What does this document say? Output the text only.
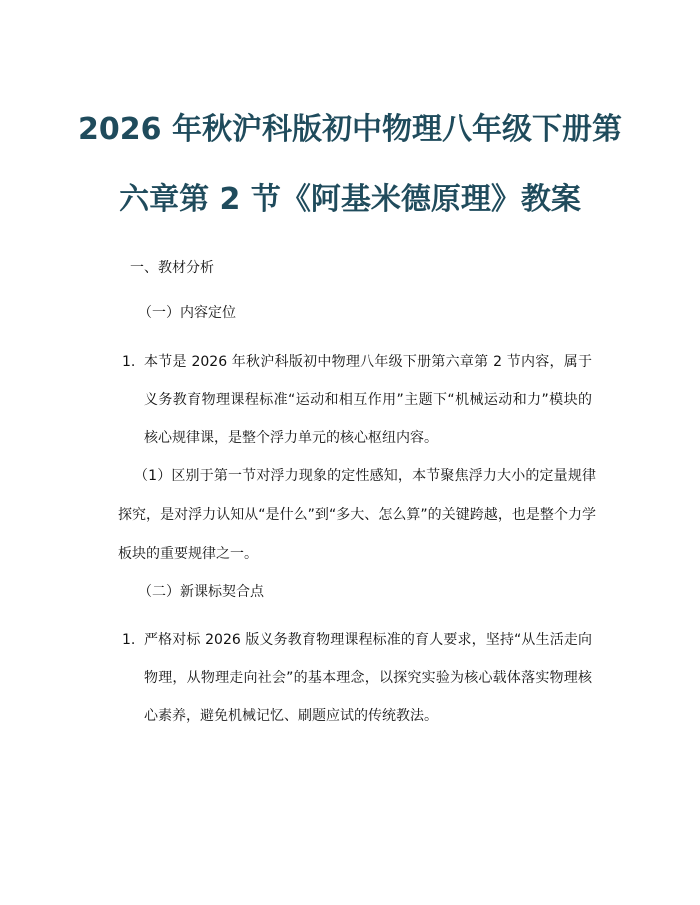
2026 年秋沪科版初中物理八年级下册第
六章第 2 节《阿基米德原理》教案
一、教材分析
（一）内容定位
1. 本节是 2026 年秋沪科版初中物理八年级下册第六章第 2 节内容，属于义务教育物理课程标准“运动和相互作用”主题下“机械运动和力”模块的核心规律课，是整个浮力单元的核心枢纽内容。
（1）区别于第一节对浮力现象的定性感知，本节聚焦浮力大小的定量规律探究，是对浮力认知从“是什么”到“多大、怎么算”的关键跨越，也是整个力学板块的重要规律之一。
（二）新课标契合点
1. 严格对标 2026 版义务教育物理课程标准的育人要求，坚持“从生活走向物理，从物理走向社会”的基本理念，以探究实验为核心载体落实物理核心素养，避免机械记忆、刷题应试的传统教法。
